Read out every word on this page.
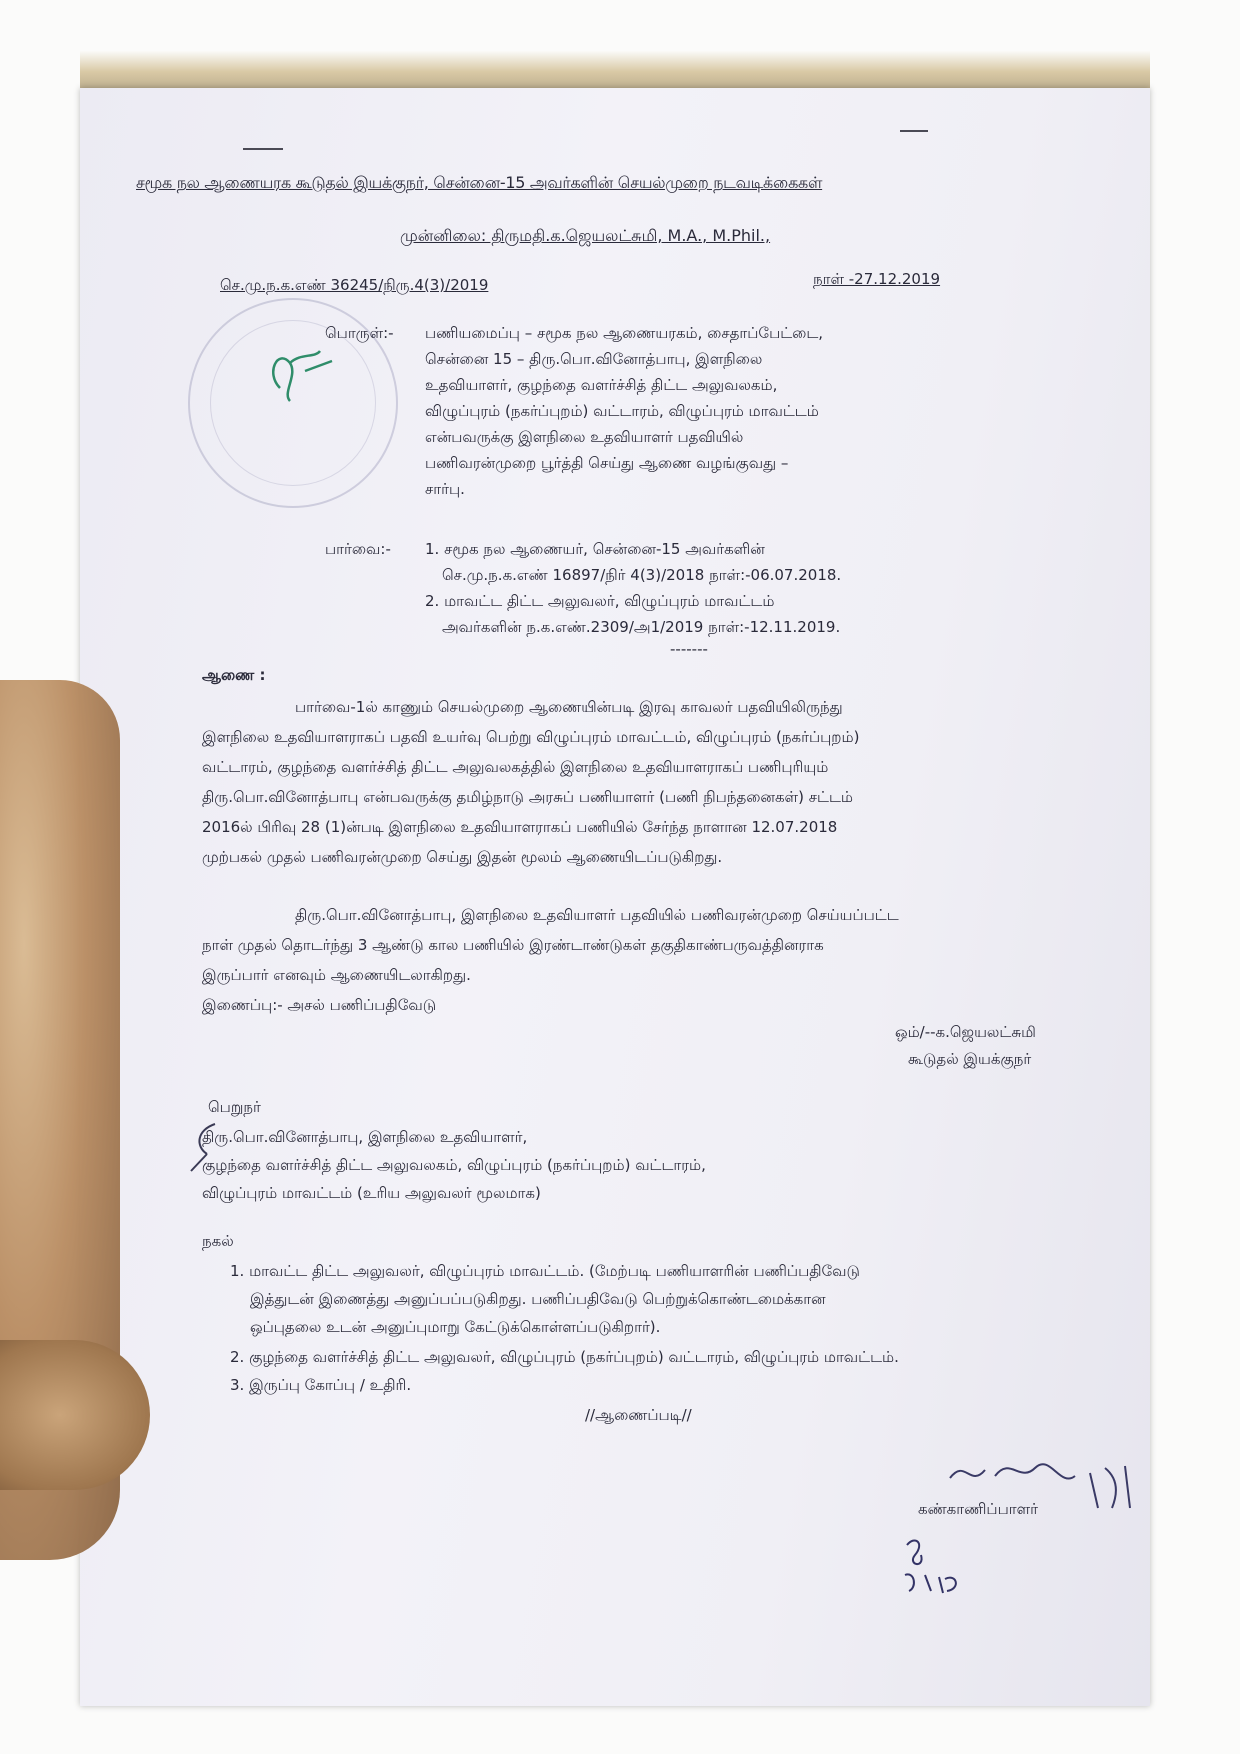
சமூக நல ஆணையரக கூடுதல் இயக்குநர், சென்னை-15 அவர்களின் செயல்முறை நடவடிக்கைகள்
முன்னிலை: திருமதி.க.ஜெயலட்சுமி, M.A., M.Phil.,
செ.மு.ந.க.எண் 36245/நிரு.4(3)/2019	நாள் -27.12.2019
பொருள்:- பணியமைப்பு – சமூக நல ஆணையரகம், சைதாப்பேட்டை,
சென்னை 15 – திரு.பொ.வினோத்பாபு, இளநிலை
உதவியாளர், குழந்தை வளர்ச்சித் திட்ட அலுவலகம்,
விழுப்புரம் (நகர்ப்புறம்) வட்டாரம், விழுப்புரம் மாவட்டம்
என்பவருக்கு இளநிலை உதவியாளர் பதவியில்
பணிவரன்முறை பூர்த்தி செய்து ஆணை வழங்குவது –
சார்பு.
பார்வை:- 1. சமூக நல ஆணையர், சென்னை-15 அவர்களின்
செ.மு.ந.க.எண் 16897/நிர் 4(3)/2018 நாள்:-06.07.2018.
2. மாவட்ட திட்ட அலுவலர், விழுப்புரம் மாவட்டம்
அவர்களின் ந.க.எண்.2309/அ1/2019 நாள்:-12.11.2019.
-------
ஆணை :
பார்வை-1ல் காணும் செயல்முறை ஆணையின்படி இரவு காவலர் பதவியிலிருந்து
இளநிலை உதவியாளராகப் பதவி உயர்வு பெற்று விழுப்புரம் மாவட்டம், விழுப்புரம் (நகர்ப்புறம்)
வட்டாரம், குழந்தை வளர்ச்சித் திட்ட அலுவலகத்தில் இளநிலை உதவியாளராகப் பணிபுரியும்
திரு.பொ.வினோத்பாபு என்பவருக்கு தமிழ்நாடு அரசுப் பணியாளர் (பணி நிபந்தனைகள்) சட்டம்
2016ல் பிரிவு 28 (1)ன்படி இளநிலை உதவியாளராகப் பணியில் சேர்ந்த நாளான 12.07.2018
முற்பகல் முதல் பணிவரன்முறை செய்து இதன் மூலம் ஆணையிடப்படுகிறது.
திரு.பொ.வினோத்பாபு, இளநிலை உதவியாளர் பதவியில் பணிவரன்முறை செய்யப்பட்ட
நாள் முதல் தொடர்ந்து 3 ஆண்டு கால பணியில் இரண்டாண்டுகள் தகுதிகாண்பருவத்தினராக
இருப்பார் எனவும் ஆணையிடலாகிறது.
இணைப்பு:- அசல் பணிப்பதிவேடு
ஒம்/--க.ஜெயலட்சுமி
கூடுதல் இயக்குநர்
பெறுநர்
திரு.பொ.வினோத்பாபு, இளநிலை உதவியாளர்,
குழந்தை வளர்ச்சித் திட்ட அலுவலகம், விழுப்புரம் (நகர்ப்புறம்) வட்டாரம்,
விழுப்புரம் மாவட்டம் (உரிய அலுவலர் மூலமாக)
நகல்
1. மாவட்ட திட்ட அலுவலர், விழுப்புரம் மாவட்டம். (மேற்படி பணியாளரின் பணிப்பதிவேடு
இத்துடன் இணைத்து அனுப்பப்படுகிறது. பணிப்பதிவேடு பெற்றுக்கொண்டமைக்கான
ஒப்புதலை உடன் அனுப்புமாறு கேட்டுக்கொள்ளப்படுகிறார்).
2. குழந்தை வளர்ச்சித் திட்ட அலுவலர், விழுப்புரம் (நகர்ப்புறம்) வட்டாரம், விழுப்புரம் மாவட்டம்.
3. இருப்பு கோப்பு / உதிரி.
//ஆணைப்படி//
கண்காணிப்பாளர்
